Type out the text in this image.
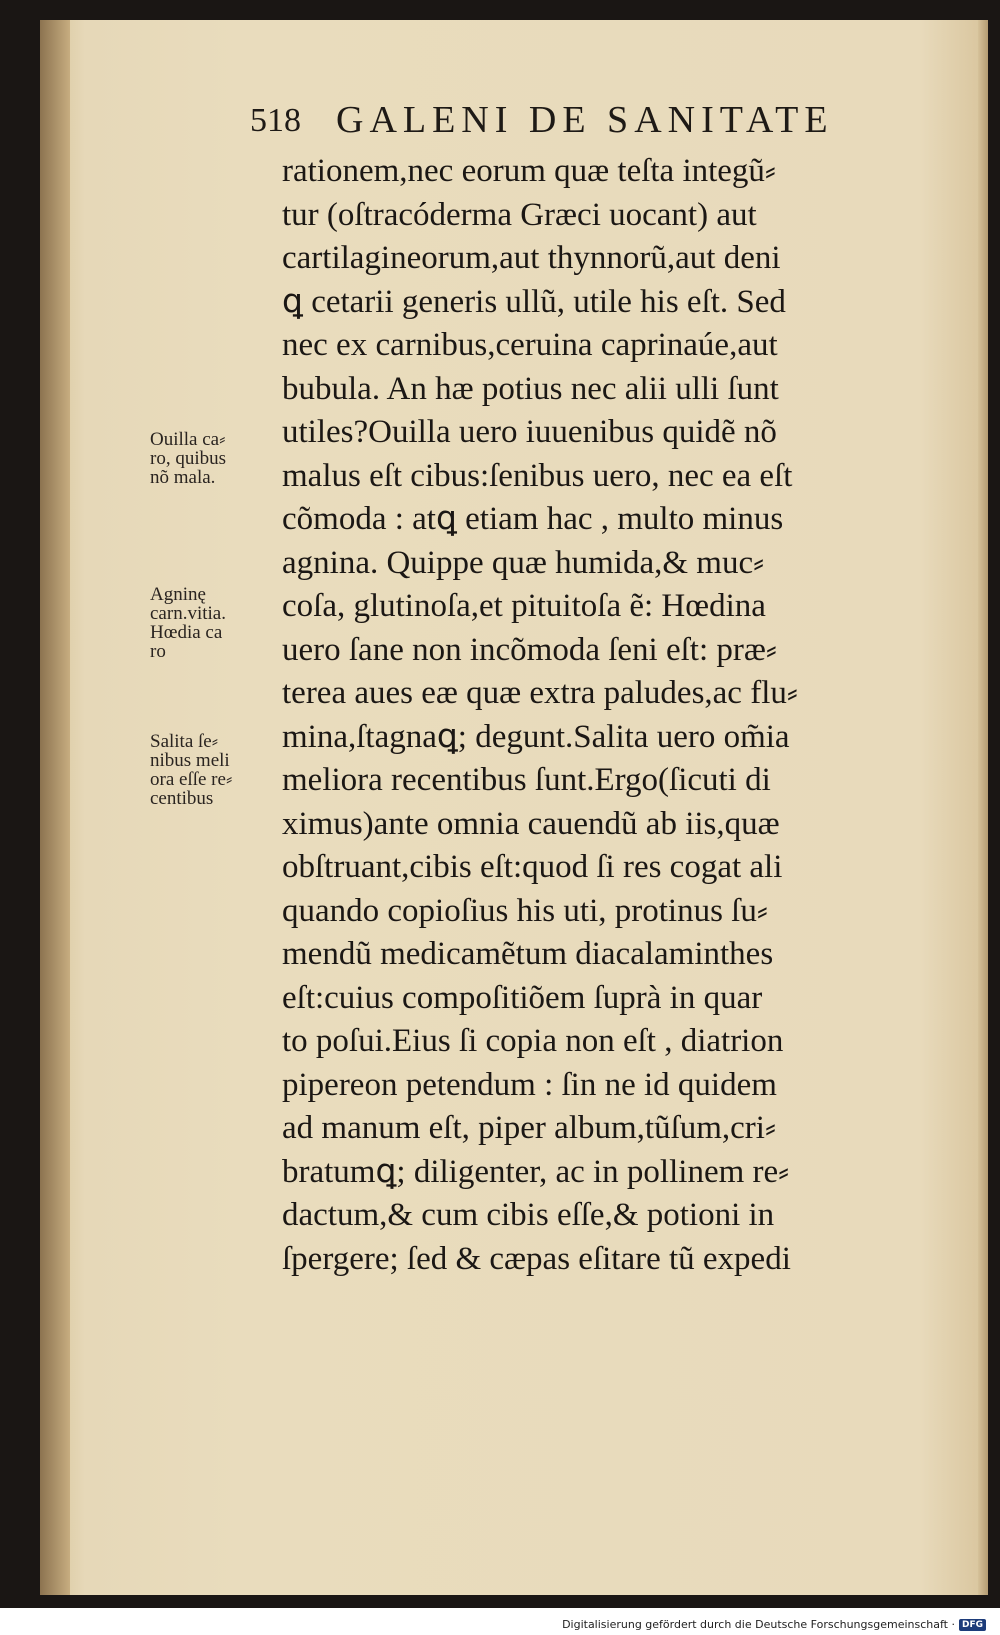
518 GALENI DE SANITATE
rationem,nec eorum quæ teſta integũ⸗
tur (oſtracóderma Græci uocant) aut
cartilagineorum,aut thynnorũ,aut deni
ꝗ cetarii generis ullũ, utile his eſt. Sed
nec ex carnibus,ceruina caprinaúe,aut
bubula. An hæ potius nec alii ulli ſunt
utiles?Ouilla uero iuuenibus quidẽ nõ
malus eſt cibus:ſenibus uero, nec ea eſt
cõmoda : atꝗ etiam hac , multo minus
agnina. Quippe quæ humida,& muc⸗
coſa, glutinoſa,et pituitoſa ẽ: Hœdina
uero ſane non incõmoda ſeni eſt: præ⸗
terea aues eæ quæ extra paludes,ac flu⸗
mina,ſtagnaꝗ; degunt.Salita uero om̃ia
meliora recentibus ſunt.Ergo(ſicuti di
ximus)ante omnia cauendũ ab iis,quæ
obſtruant,cibis eſt:quod ſi res cogat ali
quando copioſius his uti, protinus ſu⸗
mendũ medicamẽtum diacalaminthes
eſt:cuius compoſitiõem ſuprà in quar
to poſui.Eius ſi copia non eſt , diatrion
pipereon petendum : ſin ne id quidem
ad manum eſt, piper album,tũſum,cri⸗
bratumꝗ; diligenter, ac in pollinem re⸗
dactum,& cum cibis eſſe,& potioni in
ſpergere; ſed & cæpas eſitare tũ expedi
Ouilla ca⸗
ro, quibus
nõ mala.
Agninę
carn.vitia.
Hœdia ca
ro
Salita ſe⸗
nibus meli
ora eſſe re⸗
centibus
Digitalisierung gefördert durch die Deutsche Forschungsgemeinschaft · DFG
